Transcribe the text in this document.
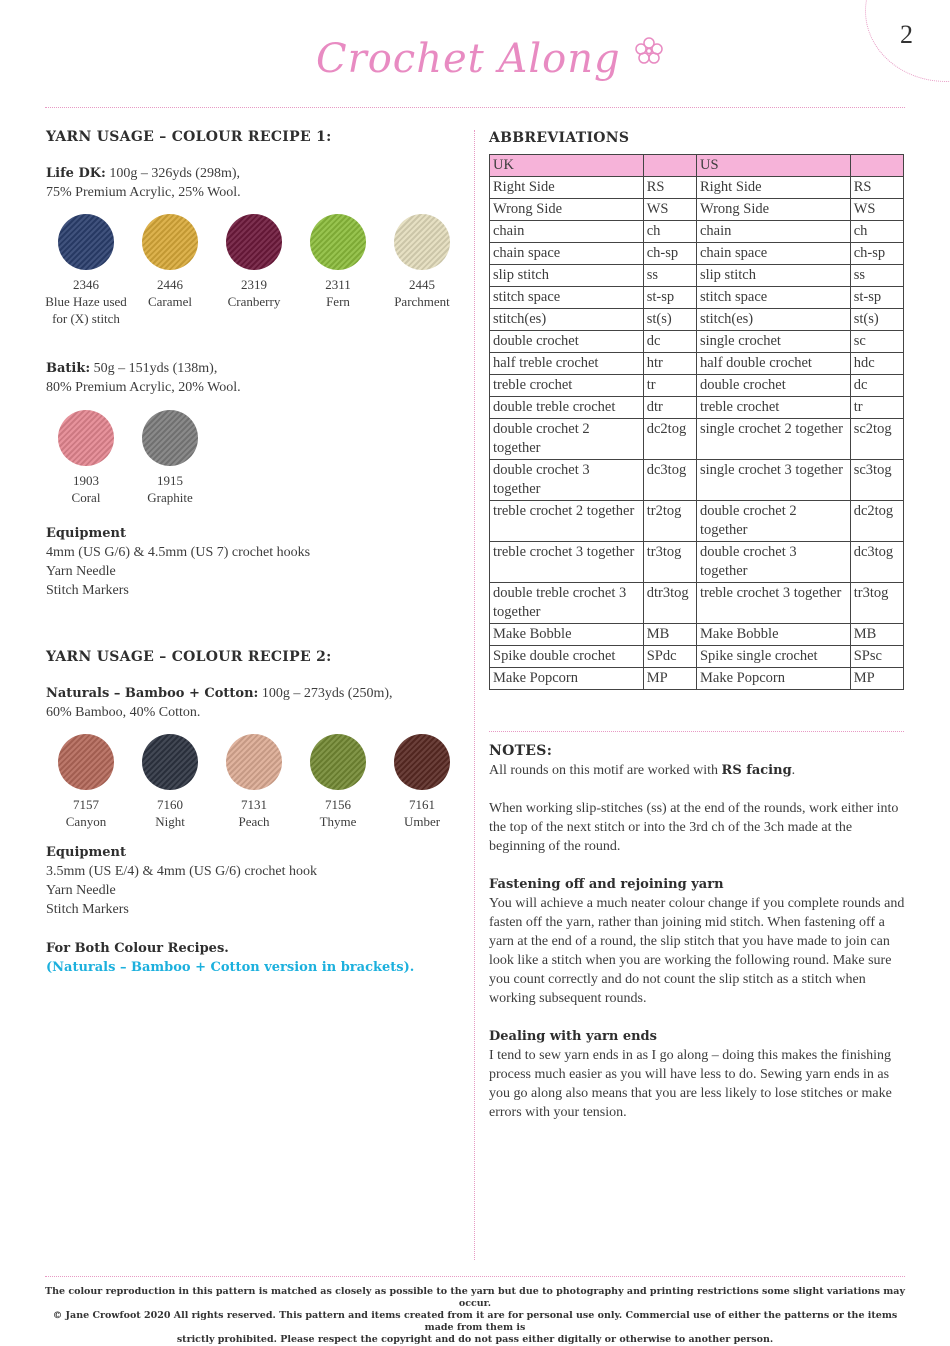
2
Crochet Along
YARN USAGE – COLOUR RECIPE 1:
Life DK: 100g – 326yds (298m),
75% Premium Acrylic, 25% Wool.
2346
Blue Haze used for (X) stitch
2446
Caramel
2319
Cranberry
2311
Fern
2445
Parchment
Batik: 50g – 151yds (138m),
80% Premium Acrylic, 20% Wool.
1903
Coral
1915
Graphite
Equipment
4mm (US G/6) & 4.5mm (US 7) crochet hooks
Yarn Needle
Stitch Markers
YARN USAGE – COLOUR RECIPE 2:
Naturals – Bamboo + Cotton: 100g – 273yds (250m),
60% Bamboo, 40% Cotton.
7157
Canyon
7160
Night
7131
Peach
7156
Thyme
7161
Umber
Equipment
3.5mm (US E/4) & 4mm (US G/6) crochet hook
Yarn Needle
Stitch Markers
For Both Colour Recipes.
(Naturals – Bamboo + Cotton version in brackets).
ABBREVIATIONS
UK		US	
Right Side	RS	Right Side	RS
Wrong Side	WS	Wrong Side	WS
chain	ch	chain	ch
chain space	ch-sp	chain space	ch-sp
slip stitch	ss	slip stitch	ss
stitch space	st-sp	stitch space	st-sp
stitch(es)	st(s)	stitch(es)	st(s)
double crochet	dc	single crochet	sc
half treble crochet	htr	half double crochet	hdc
treble crochet	tr	double crochet	dc
double treble crochet	dtr	treble crochet	tr
double crochet 2 together	dc2tog	single crochet 2 together	sc2tog
double crochet 3 together	dc3tog	single crochet 3 together	sc3tog
treble crochet 2 together	tr2tog	double crochet 2 together	dc2tog
treble crochet 3 together	tr3tog	double crochet 3 together	dc3tog
double treble crochet 3 together	dtr3tog	treble crochet 3 together	tr3tog
Make Bobble	MB	Make Bobble	MB
Spike double crochet	SPdc	Spike single crochet	SPsc
Make Popcorn	MP	Make Popcorn	MP
NOTES:
All rounds on this motif are worked with RS facing.
When working slip-stitches (ss) at the end of the rounds, work either into the top of the next stitch or into the 3rd ch of the 3ch made at the beginning of the round.
Fastening off and rejoining yarn
You will achieve a much neater colour change if you complete rounds and fasten off the yarn, rather than joining mid stitch. When fastening off a yarn at the end of a round, the slip stitch that you have made to join can look like a stitch when you are working the following round. Make sure you count correctly and do not count the slip stitch as a stitch when working subsequent rounds.
Dealing with yarn ends
I tend to sew yarn ends in as I go along – doing this makes the finishing process much easier as you will have less to do. Sewing yarn ends in as you go along also means that you are less likely to lose stitches or make errors with your tension.
The colour reproduction in this pattern is matched as closely as possible to the yarn but due to photography and printing restrictions some slight variations may occur.
© Jane Crowfoot 2020 All rights reserved. This pattern and items created from it are for personal use only. Commercial use of either the patterns or the items made from them is
strictly prohibited. Please respect the copyright and do not pass either digitally or otherwise to another person.
